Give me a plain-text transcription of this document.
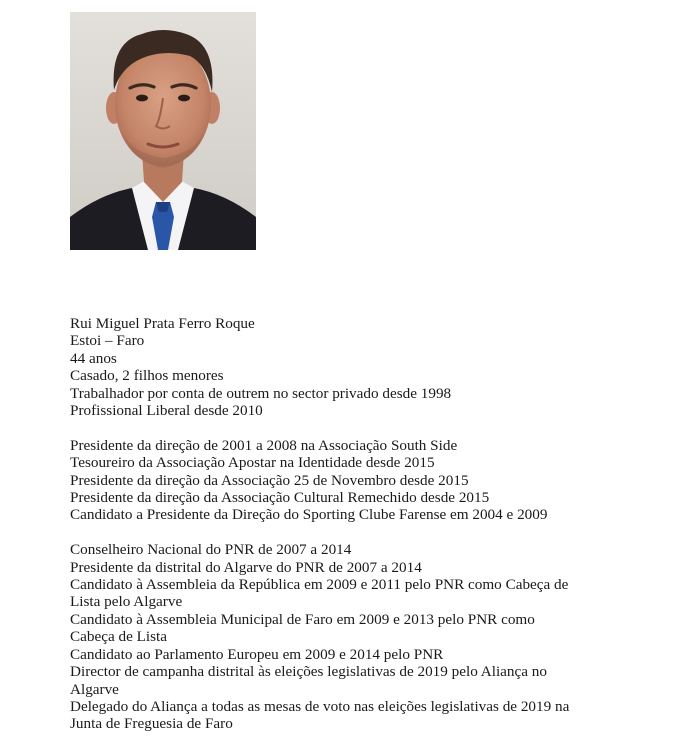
Rui Miguel Prata Ferro Roque
Estoi – Faro
44 anos
Casado, 2 filhos menores
Trabalhador por conta de outrem no sector privado desde 1998
Profissional Liberal desde 2010
Presidente da direção de 2001 a 2008 na Associação South Side
Tesoureiro da Associação Apostar na Identidade desde 2015
Presidente da direção da Associação 25 de Novembro desde 2015
Presidente da direção da Associação Cultural Remechido desde 2015
Candidato a Presidente da Direção do Sporting Clube Farense em 2004 e 2009
Conselheiro Nacional do PNR de 2007 a 2014
Presidente da distrital do Algarve do PNR de 2007 a 2014
Candidato à Assembleia da República em 2009 e 2011 pelo PNR como Cabeça de
Lista pelo Algarve
Candidato à Assembleia Municipal de Faro em 2009 e 2013 pelo PNR como
Cabeça de Lista
Candidato ao Parlamento Europeu em 2009 e 2014 pelo PNR
Director de campanha distrital às eleições legislativas de 2019 pelo Aliança no
Algarve
Delegado do Aliança a todas as mesas de voto nas eleições legislativas de 2019 na
Junta de Freguesia de Faro
